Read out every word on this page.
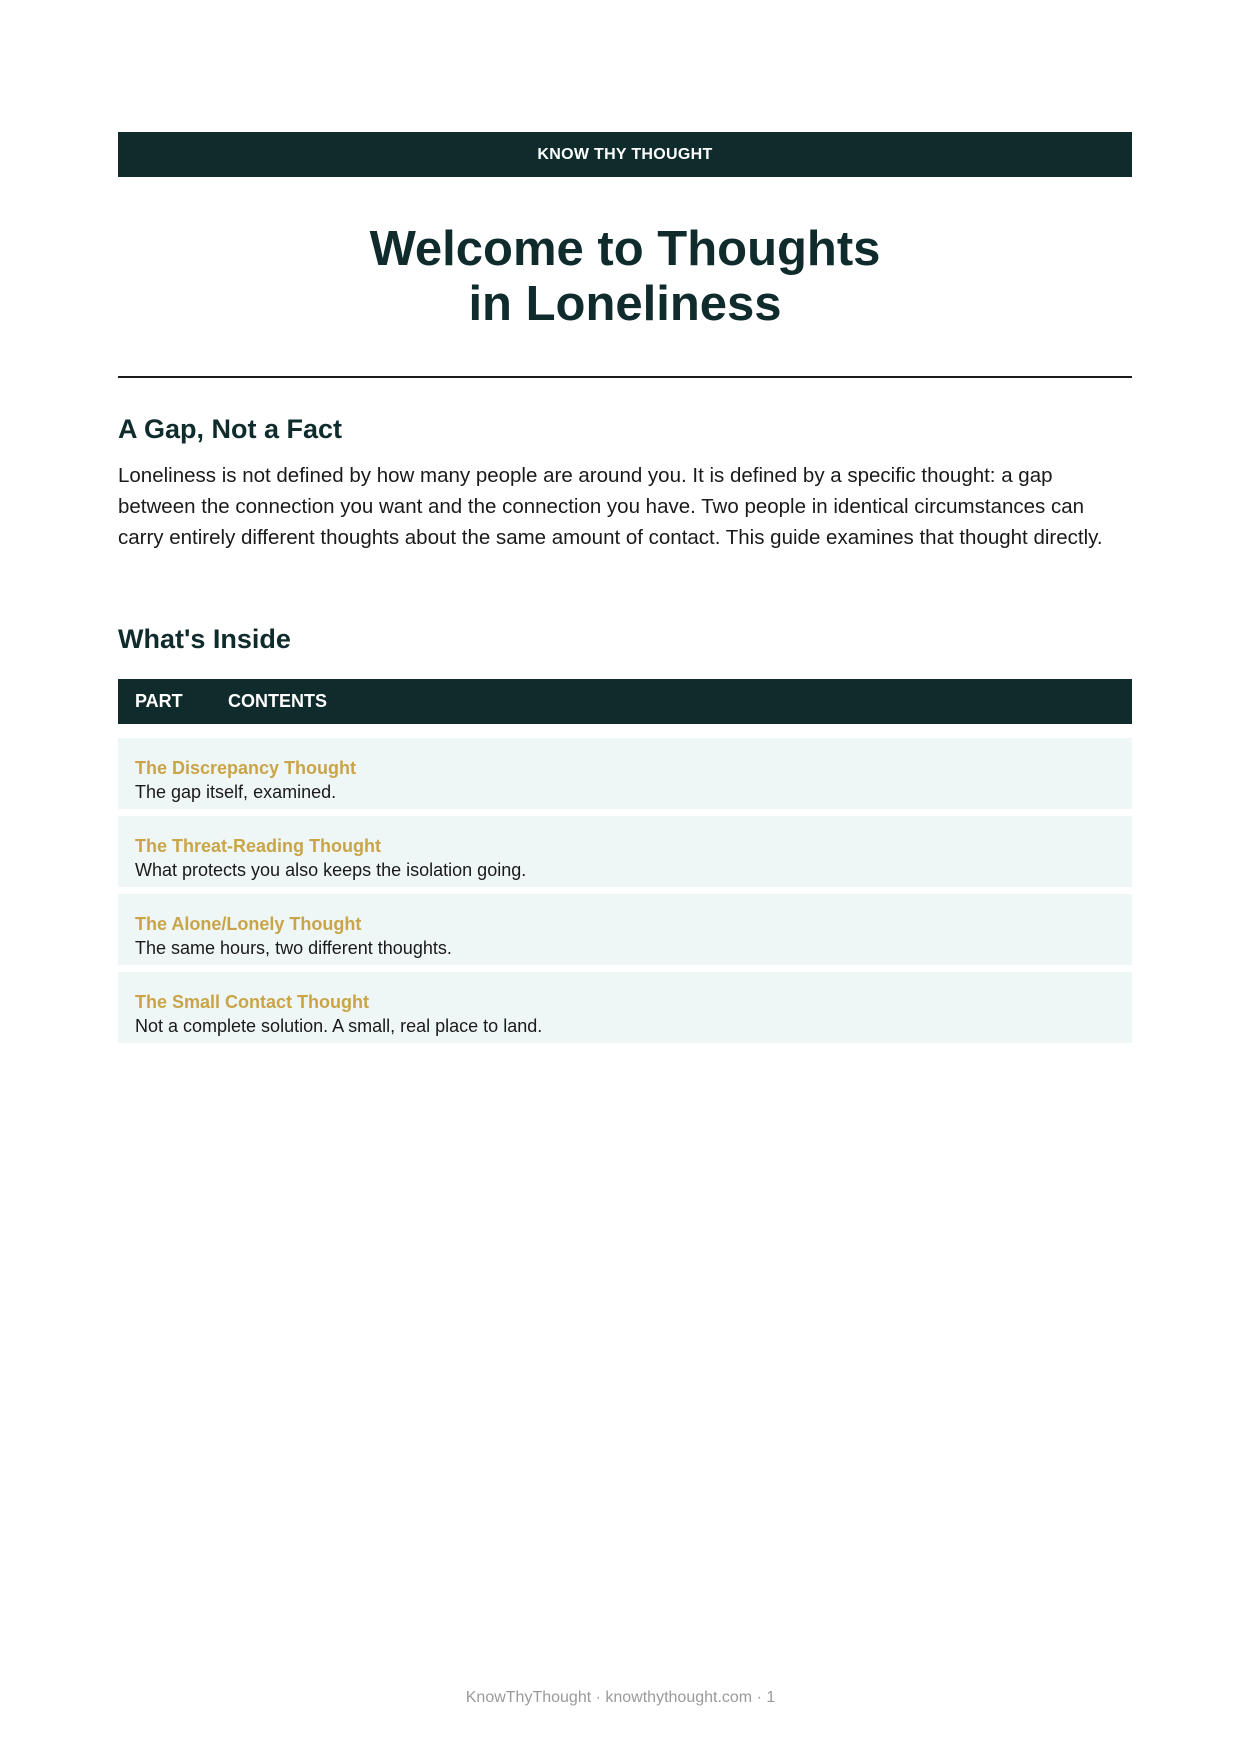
KNOW THY THOUGHT
Welcome to Thoughts
in Loneliness
A Gap, Not a Fact

Loneliness is not defined by how many people are around you. It is defined by a specific thought: a gap between the connection you want and the connection you have. Two people in identical circumstances can carry entirely different thoughts about the same amount of contact. This guide examines that thought directly.

What's Inside
PART	CONTENTS
The Discrepancy Thought
The gap itself, examined.
The Threat-Reading Thought
What protects you also keeps the isolation going.
The Alone/Lonely Thought
The same hours, two different thoughts.
The Small Contact Thought
Not a complete solution. A small, real place to land.
KnowThyThought · knowthythought.com · 1
